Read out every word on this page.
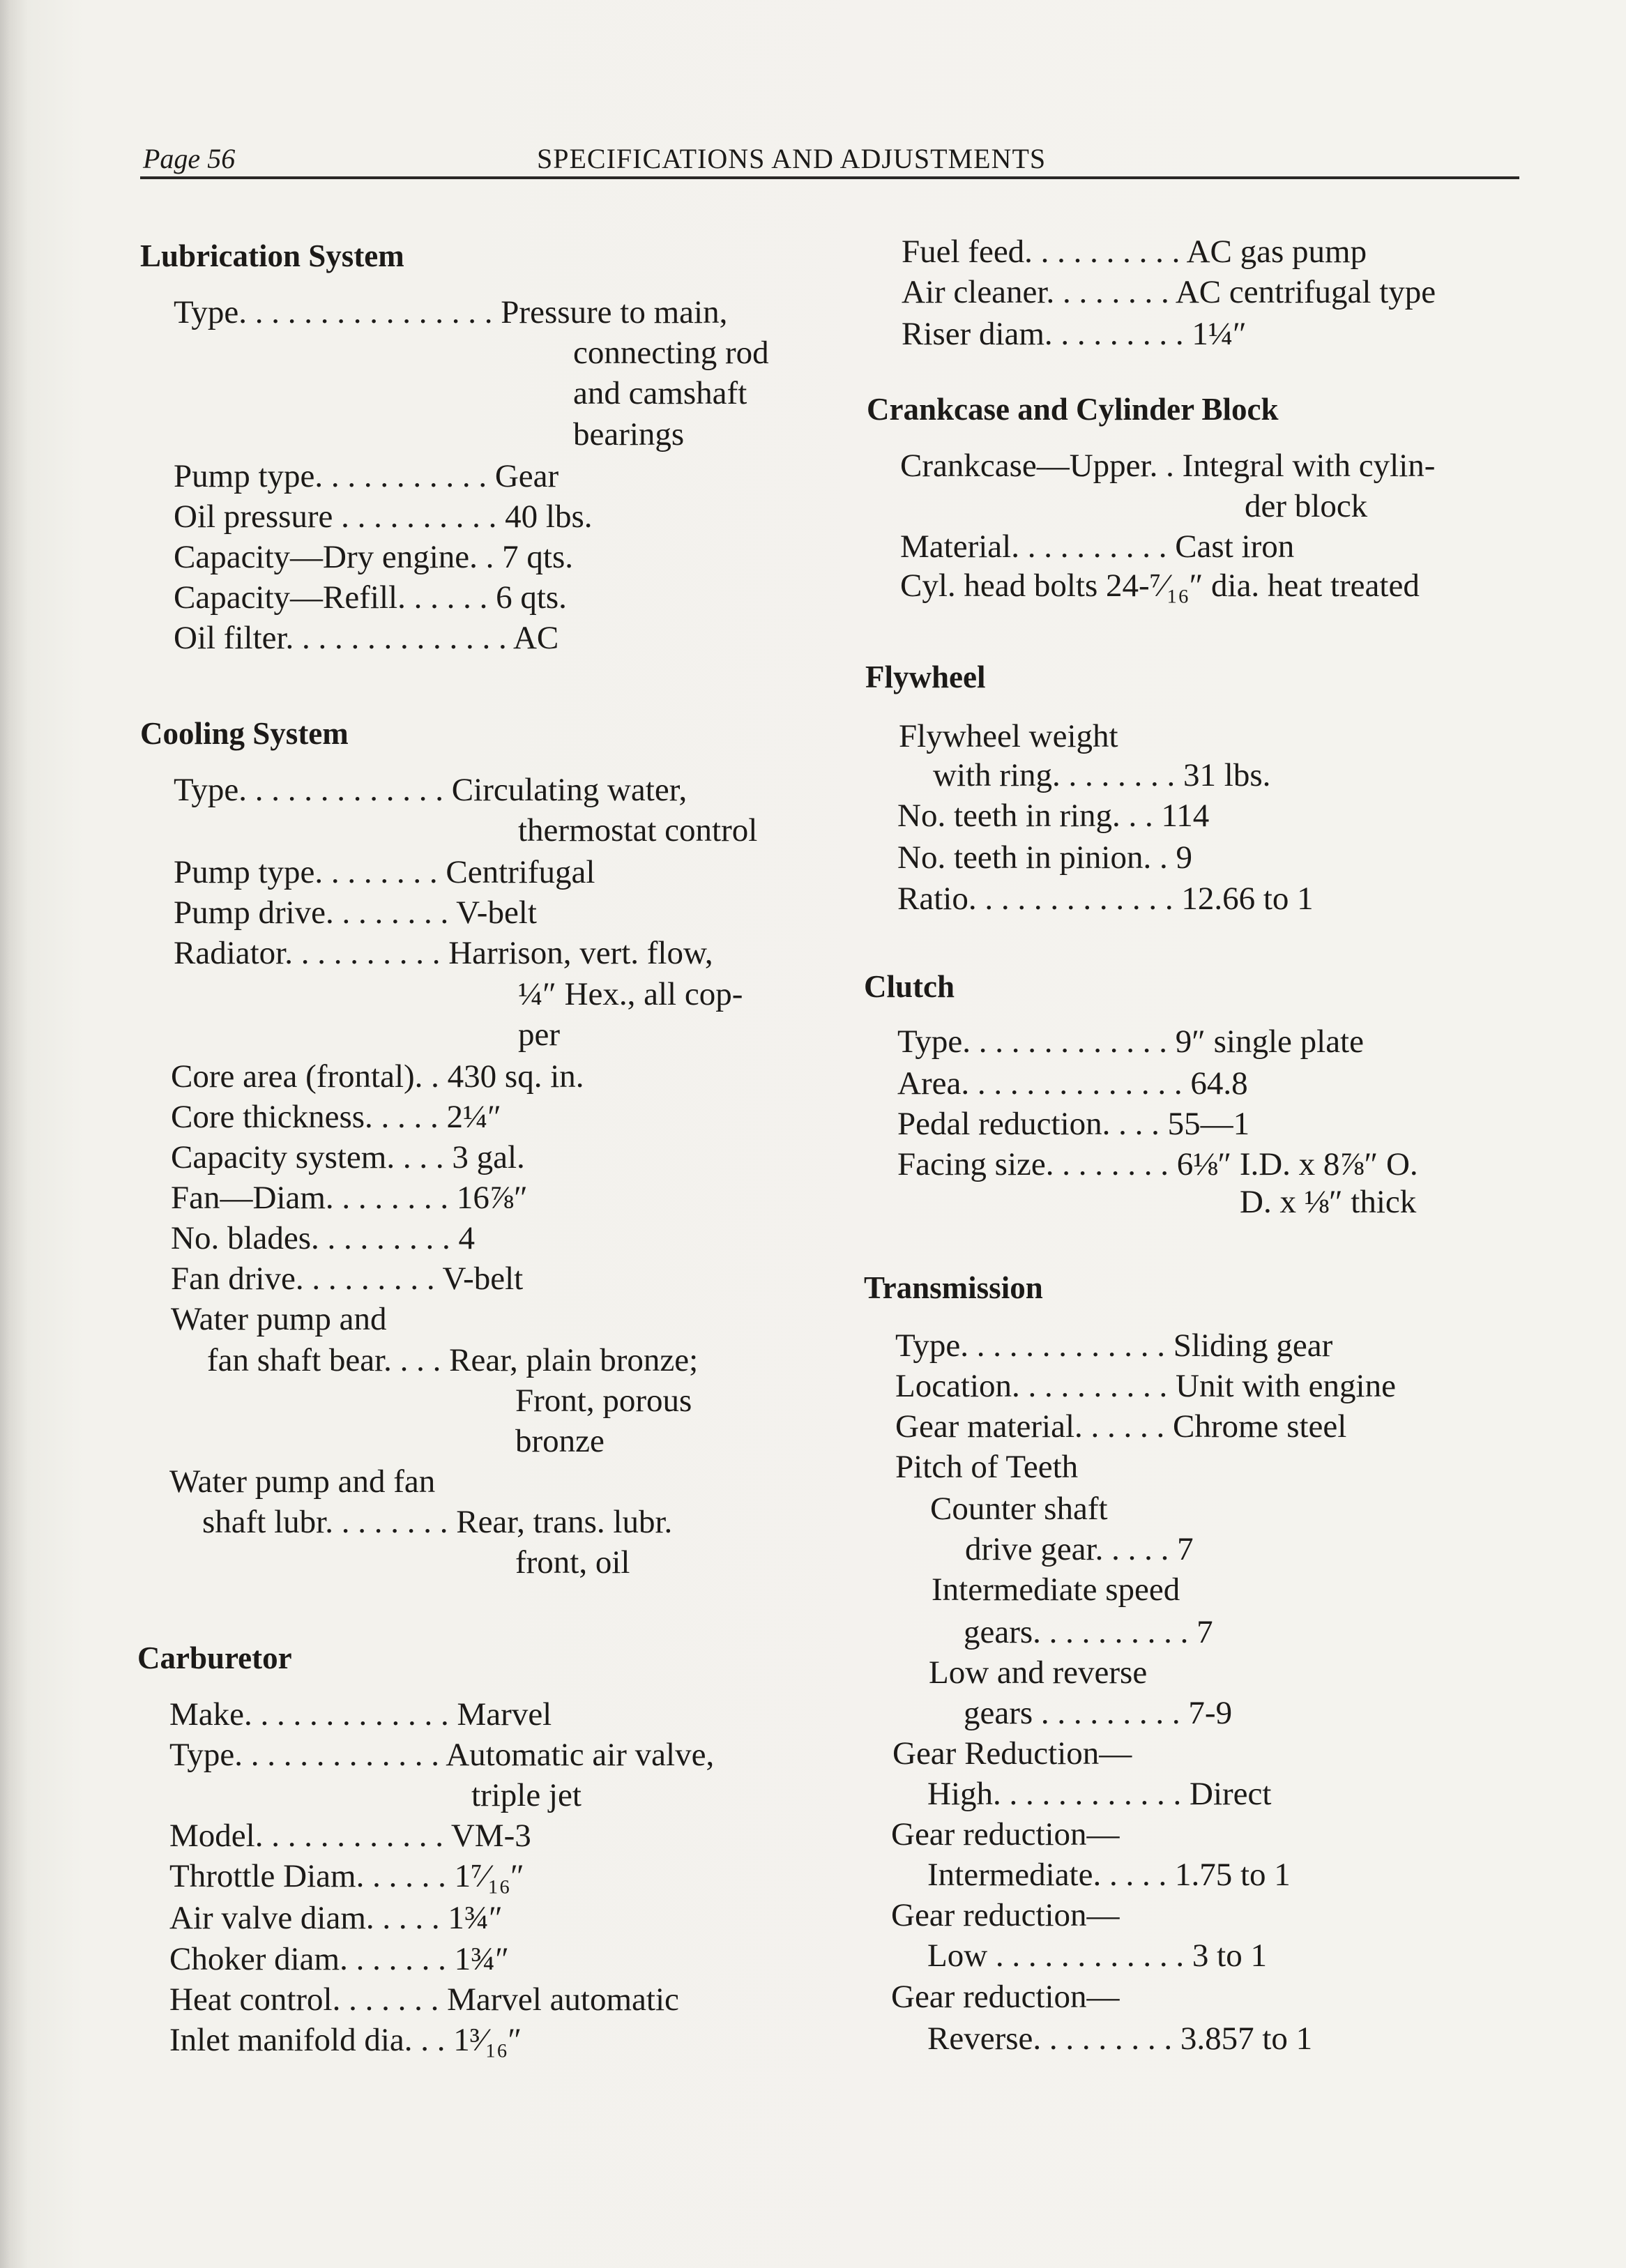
Page 56	SPECIFICATIONS AND ADJUSTMENTS
Lubrication System
Type. . . . . . . . . . . . . . . . Pressure to main,
connecting rod
and camshaft
bearings
Pump type. . . . . . . . . . . Gear
Oil pressure . . . . . . . . . . 40 lbs.
Capacity—Dry engine. . 7 qts.
Capacity—Refill. . . . . . 6 qts.
Oil filter. . . . . . . . . . . . . . AC
Cooling System
Type. . . . . . . . . . . . . Circulating water,
thermostat control
Pump type. . . . . . . . Centrifugal
Pump drive. . . . . . . . V-belt
Radiator. . . . . . . . . . Harrison, vert. flow,
¼″ Hex., all cop-
per
Core area (frontal). . 430 sq. in.
Core thickness. . . . . 2¼″
Capacity system. . . . 3 gal.
Fan—Diam. . . . . . . . 16⅞″
No. blades. . . . . . . . . 4
Fan drive. . . . . . . . . V-belt
Water pump and
fan shaft bear. . . . Rear, plain bronze;
Front, porous
bronze
Water pump and fan
shaft lubr. . . . . . . . Rear, trans. lubr.
front, oil
Carburetor
Make. . . . . . . . . . . . . Marvel
Type. . . . . . . . . . . . . Automatic air valve,
triple jet
Model. . . . . . . . . . . . VM-3
Throttle Diam. . . . . . 1⁷⁄₁₆″
Air valve diam. . . . . 1¾″
Choker diam. . . . . . . 1¾″
Heat control. . . . . . . Marvel automatic
Inlet manifold dia. . . 1³⁄₁₆″
Fuel feed. . . . . . . . . . AC gas pump
Air cleaner. . . . . . . . AC centrifugal type
Riser diam. . . . . . . . . 1¼″
Crankcase and Cylinder Block
Crankcase—Upper. . Integral with cylin-
der block
Material. . . . . . . . . . Cast iron
Cyl. head bolts 24-⁷⁄₁₆″ dia. heat treated
Flywheel
Flywheel weight
with ring. . . . . . . . 31 lbs.
No. teeth in ring. . . 114
No. teeth in pinion. . 9
Ratio. . . . . . . . . . . . . 12.66 to 1
Clutch
Type. . . . . . . . . . . . . 9″ single plate
Area. . . . . . . . . . . . . . 64.8
Pedal reduction. . . . 55—1
Facing size. . . . . . . . 6⅛″ I.D. x 8⅞″ O.
D. x ⅛″ thick
Transmission
Type. . . . . . . . . . . . . Sliding gear
Location. . . . . . . . . . Unit with engine
Gear material. . . . . . Chrome steel
Pitch of Teeth
Counter shaft
drive gear. . . . . 7
Intermediate speed
gears. . . . . . . . . . 7
Low and reverse
gears . . . . . . . . . 7-9
Gear Reduction—
High. . . . . . . . . . . . Direct
Gear reduction—
Intermediate. . . . . 1.75 to 1
Gear reduction—
Low . . . . . . . . . . . . 3 to 1
Gear reduction—
Reverse. . . . . . . . . 3.857 to 1
